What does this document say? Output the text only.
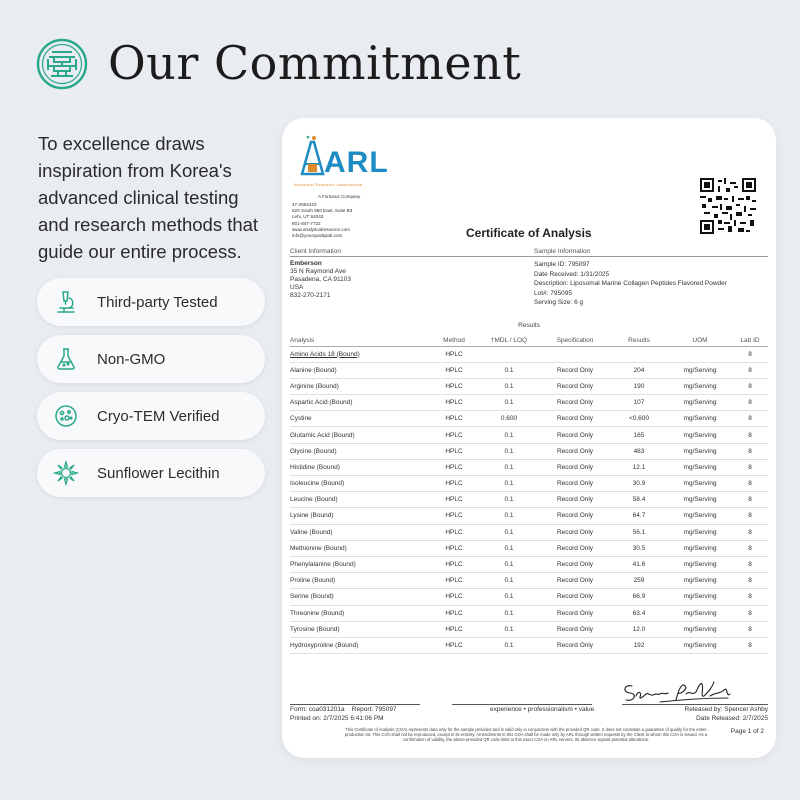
Our Commitment
To excellence draws inspiration from Korea's advanced clinical testing and research methods that guide our entire process.
Third-party Tested
Non-GMO
Cryo-TEM Verified
Sunflower Lecithin
ARL
Analytical Research Laboratories
A Fortunus Company
47-2654223
520 South 850 East, Suite B3
Lehi, UT 84043
801-847-7722
www.analyticalresource.com
info@yourqualitylab.com	Certificate of Analysis
Client Information	Sample Information
Emberson
35 N Raymond Ave
Pasadena, CA 91103
USA
832-270-2171
Sample ID: 795097
Date Received: 1/31/2025
Description: Liposomal Marine Collagen Peptides Flavored Powder
Lot#: 795095
Serving Size: 6 g
Results
Analysis	Method	†MDL / LOQ	Specification	Results	UOM	Lab ID
Amino Acids 18 (Bound)	HPLC					8
Alanine (Bound)	HPLC	0.1	Record Only	204	mg/Serving	8
Arginine (Bound)	HPLC	0.1	Record Only	190	mg/Serving	8
Aspartic Acid (Bound)	HPLC	0.1	Record Only	107	mg/Serving	8
Cystine	HPLC	0.600	Record Only	<0.600	mg/Serving	8
Glutamic Acid (Bound)	HPLC	0.1	Record Only	165	mg/Serving	8
Glycine (Bound)	HPLC	0.1	Record Only	483	mg/Serving	8
Histidine (Bound)	HPLC	0.1	Record Only	12.1	mg/Serving	8
Isoleucine (Bound)	HPLC	0.1	Record Only	30.9	mg/Serving	8
Leucine (Bound)	HPLC	0.1	Record Only	58.4	mg/Serving	8
Lysine (Bound)	HPLC	0.1	Record Only	64.7	mg/Serving	8
Valine (Bound)	HPLC	0.1	Record Only	56.1	mg/Serving	8
Methionine (Bound)	HPLC	0.1	Record Only	30.5	mg/Serving	8
Phenylalanine (Bound)	HPLC	0.1	Record Only	41.6	mg/Serving	8
Proline (Bound)	HPLC	0.1	Record Only	259	mg/Serving	8
Serine (Bound)	HPLC	0.1	Record Only	66.9	mg/Serving	8
Threonine (Bound)	HPLC	0.1	Record Only	63.4	mg/Serving	8
Tyrosine (Bound)	HPLC	0.1	Record Only	12.0	mg/Serving	8
Hydroxyproline (Bound)	HPLC	0.1	Record Only	192	mg/Serving	8
Form: coa031201a Report: 795097	experience • professionalism • value	Released by: Spencer Ashby
Printed on: 2/7/2025 6:41:06 PM	Date Released: 2/7/2025
This Certificate of Analysis (COA) represents data only for the sample provided and is valid only in conjunction with the provided QR code. It does not constitute a guarantee of quality for the entire production lot. This COA shall not be reproduced, except in its entirety. Amendments to this COA shall be made only by ARL through written requests by the Client to whom this COA is issued. As a confirmation of validity, the above-provided QR code links to this exact COA on ARL servers. Its absence signals potential alterations.
Page 1 of 2
